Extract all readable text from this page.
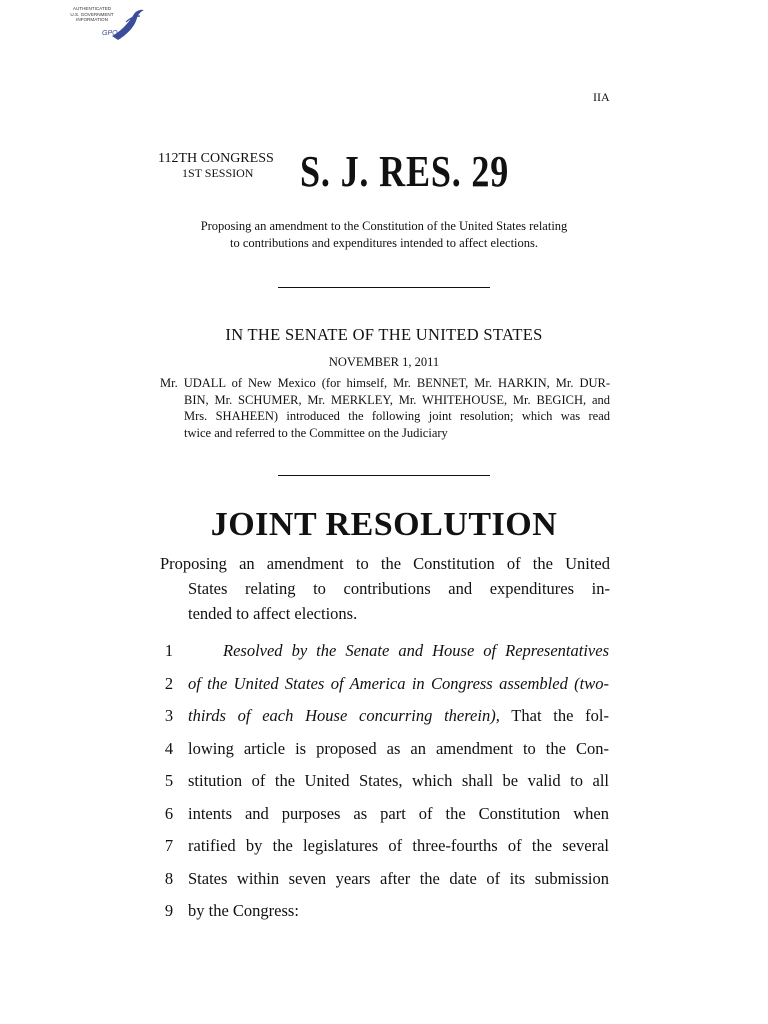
AUTHENTICATED
U.S. GOVERNMENT
INFORMATION
GPO
IIA
112TH CONGRESS
1ST SESSION S. J. RES. 29
Proposing an amendment to the Constitution of the United States relating
to contributions and expenditures intended to affect elections.
IN THE SENATE OF THE UNITED STATES
NOVEMBER 1, 2011
Mr. UDALL of New Mexico (for himself, Mr. BENNET, Mr. HARKIN, Mr. DUR-
BIN, Mr. SCHUMER, Mr. MERKLEY, Mr. WHITEHOUSE, Mr. BEGICH, and
Mrs. SHAHEEN) introduced the following joint resolution; which was read
twice and referred to the Committee on the Judiciary
JOINT RESOLUTION
Proposing an amendment to the Constitution of the United
States relating to contributions and expenditures in-
tended to affect elections.
1	Resolved by the Senate and House of Representatives
2 of the United States of America in Congress assembled (two-
3 thirds of each House concurring therein), That the fol-
4 lowing article is proposed as an amendment to the Con-
5 stitution of the United States, which shall be valid to all
6 intents and purposes as part of the Constitution when
7 ratified by the legislatures of three-fourths of the several
8 States within seven years after the date of its submission
9 by the Congress:
